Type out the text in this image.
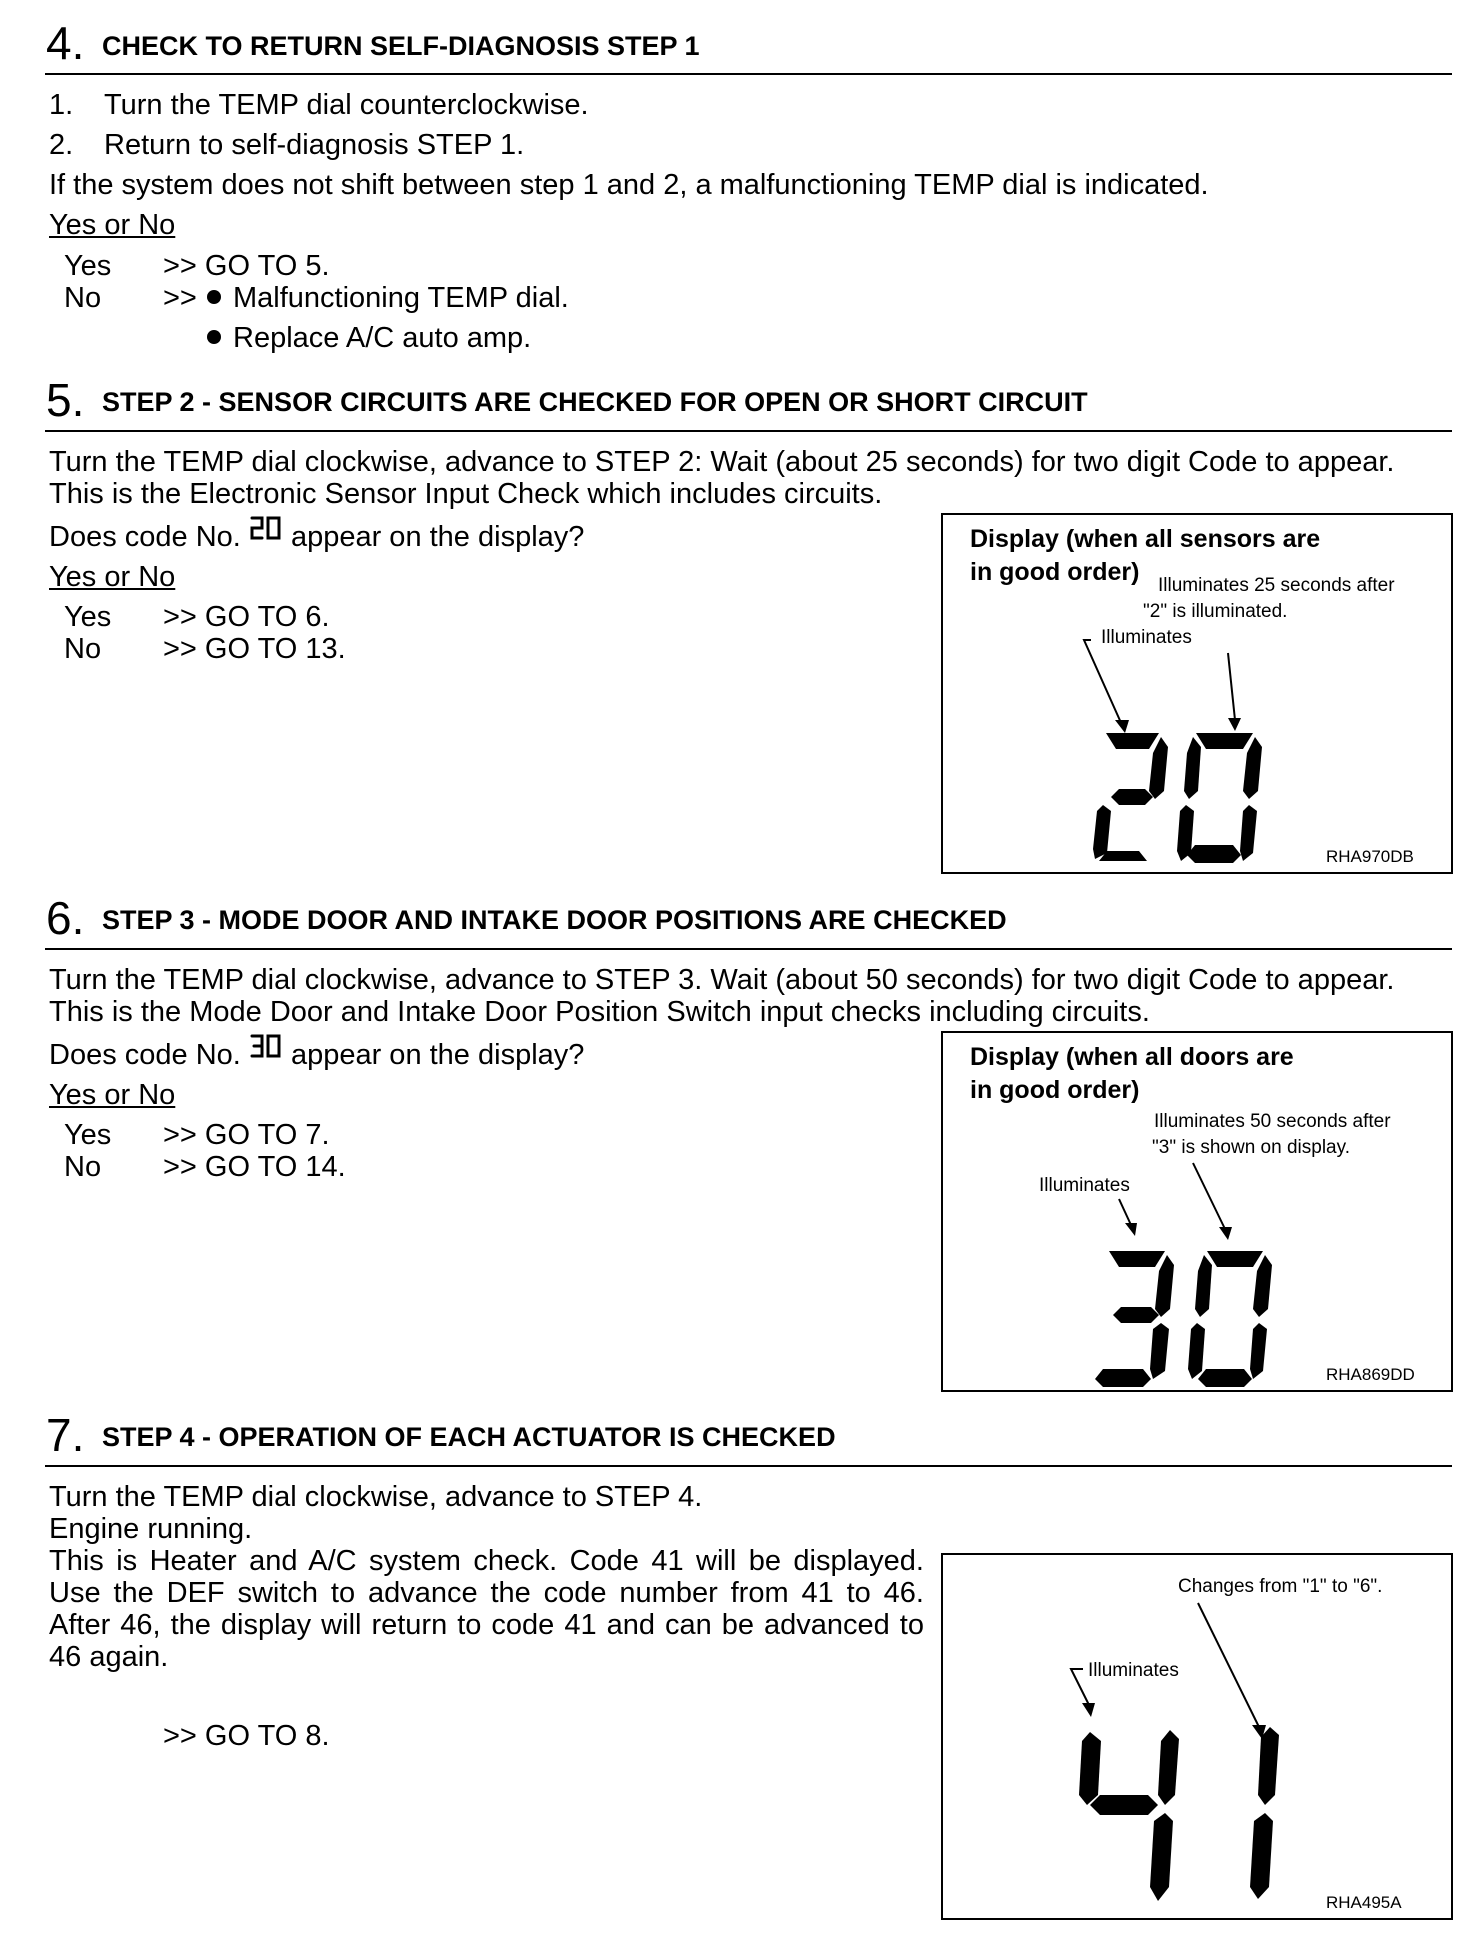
4. CHECK TO RETURN SELF-DIAGNOSIS STEP 1
1. Turn the TEMP dial counterclockwise.
2. Return to self-diagnosis STEP 1.
If the system does not shift between step 1 and 2, a malfunctioning TEMP dial is indicated.
Yes or No
Yes >> GO TO 5.
No >>	Malfunctioning TEMP dial.
Replace A/C auto amp.
5. STEP 2 - SENSOR CIRCUITS ARE CHECKED FOR OPEN OR SHORT CIRCUIT
Turn the TEMP dial clockwise, advance to STEP 2: Wait (about 25 seconds) for two digit Code to appear.
This is the Electronic Sensor Input Check which includes circuits.
Does code No. appear on the display?
Yes or No
Yes >> GO TO 6.
No >> GO TO 13.
Display (when all sensors are
in good order) Illuminates 25 seconds after
"2" is illuminated.
Illuminates
RHA970DB
6. STEP 3 - MODE DOOR AND INTAKE DOOR POSITIONS ARE CHECKED
Turn the TEMP dial clockwise, advance to STEP 3. Wait (about 50 seconds) for two digit Code to appear.
This is the Mode Door and Intake Door Position Switch input checks including circuits.
Does code No. appear on the display?
Yes or No
Yes >> GO TO 7.
No >> GO TO 14.
Display (when all doors are
in good order)
Illuminates 50 seconds after
"3" is shown on display.
Illuminates
RHA869DD
7. STEP 4 - OPERATION OF EACH ACTUATOR IS CHECKED
Turn the TEMP dial clockwise, advance to STEP 4.
Engine running.
This is Heater and A/C system check. Code 41 will be displayed. Use the DEF switch to advance the code number from 41 to 46. After 46, the display will return to code 41 and can be advanced to 46 again.
>> GO TO 8.
Changes from "1" to "6".
Illuminates
RHA495A
